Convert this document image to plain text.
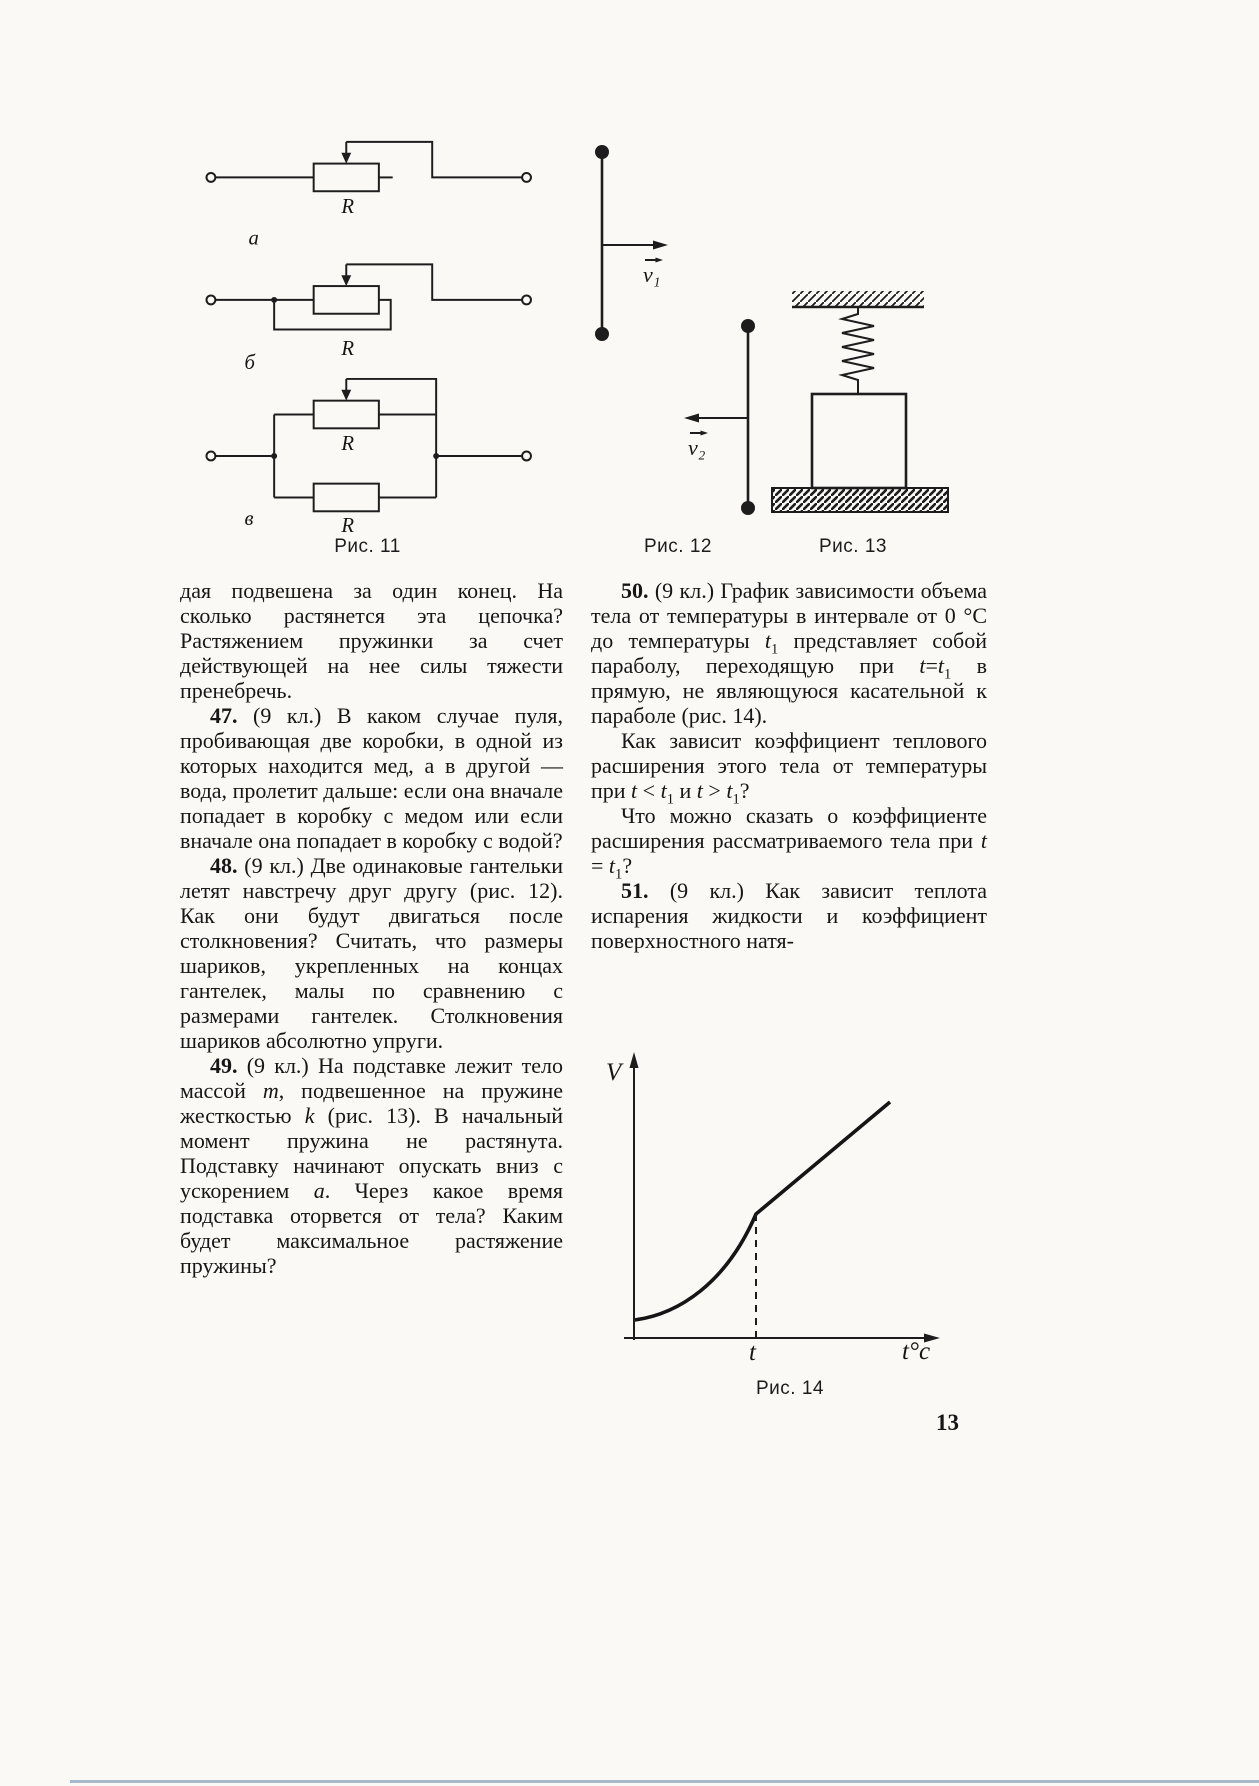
R
а
R
б
R
R
в
v₁
v₂
Рис. 11	Рис. 12	Рис. 13

дая подвешена за один конец. На сколько растянется эта цепочка? Растяжением пружинки за счет действующей на нее силы тяжести пренебречь.

47. (9 кл.) В каком случае пуля, пробивающая две коробки, в одной из которых находится мед, а в другой — вода, пролетит дальше: если она вначале попадает в коробку с медом или если вначале она попадает в коробку с водой?

48. (9 кл.) Две одинаковые гантельки летят навстречу друг другу (рис. 12). Как они будут двигаться после столкновения? Считать, что размеры шариков, укрепленных на концах гантелек, малы по сравнению с размерами гантелек. Столкновения шариков абсолютно упруги.

49. (9 кл.) На подставке лежит тело массой m, подвешенное на пружине жесткостью k (рис. 13). В начальный момент пружина не растянута. Подставку начинают опускать вниз с ускорением a. Через какое время подставка оторвется от тела? Каким будет максимальное растяжение пружины?

50. (9 кл.) График зависимости объема тела от температуры в интервале от 0 °C до температуры $t_1$ представляет собой параболу, переходящую при $t=t_1$ в прямую, не являющуюся касательной к параболе (рис. 14).

Как зависит коэффициент теплового расширения этого тела от температуры при $t < t_1$ и $t > t_1$?

Что можно сказать о коэффициенте расширения рассматриваемого тела при $t = t_1$?

51. (9 кл.) Как зависит теплота испарения жидкости и коэффициент поверхностного натя-

V
t°с
t
Рис. 14
13
